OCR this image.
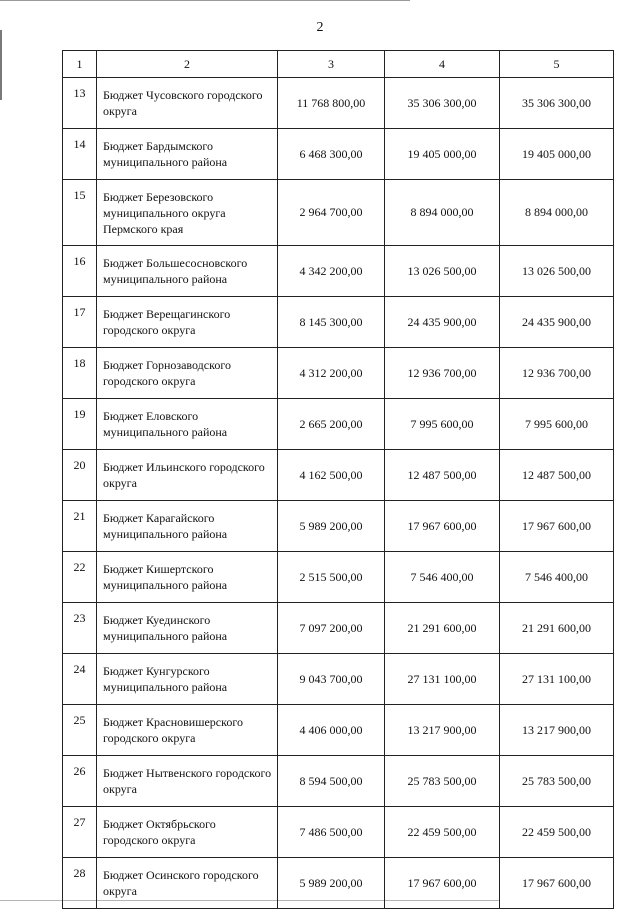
2
1	2	3	4	5
13	Бюджет Чусовского городского округа	11 768 800,00	35 306 300,00	35 306 300,00
14	Бюджет Бардымского муниципального района	6 468 300,00	19 405 000,00	19 405 000,00
15	Бюджет Березовского муниципального округа Пермского края	2 964 700,00	8 894 000,00	8 894 000,00
16	Бюджет Большесосновского муниципального района	4 342 200,00	13 026 500,00	13 026 500,00
17	Бюджет Верещагинского городского округа	8 145 300,00	24 435 900,00	24 435 900,00
18	Бюджет Горнозаводского городского округа	4 312 200,00	12 936 700,00	12 936 700,00
19	Бюджет Еловского муниципального района	2 665 200,00	7 995 600,00	7 995 600,00
20	Бюджет Ильинского городского округа	4 162 500,00	12 487 500,00	12 487 500,00
21	Бюджет Карагайского муниципального района	5 989 200,00	17 967 600,00	17 967 600,00
22	Бюджет Кишертского муниципального района	2 515 500,00	7 546 400,00	7 546 400,00
23	Бюджет Куединского муниципального района	7 097 200,00	21 291 600,00	21 291 600,00
24	Бюджет Кунгурского муниципального района	9 043 700,00	27 131 100,00	27 131 100,00
25	Бюджет Красновишерского городского округа	4 406 000,00	13 217 900,00	13 217 900,00
26	Бюджет Нытвенского городского округа	8 594 500,00	25 783 500,00	25 783 500,00
27	Бюджет Октябрьского городского округа	7 486 500,00	22 459 500,00	22 459 500,00
28	Бюджет Осинского городского округа	5 989 200,00	17 967 600,00	17 967 600,00
